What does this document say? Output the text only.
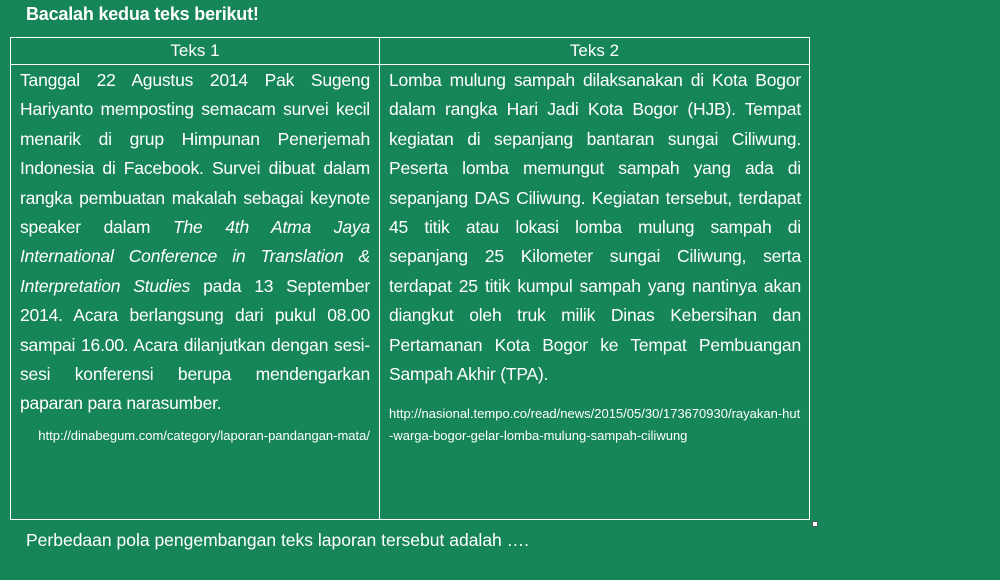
Bacalah kedua teks berikut!
Teks 1	Teks 2

Tanggal 22 Agustus 2014 Pak Sugeng Hariyanto memposting semacam survei kecil menarik di grup Himpunan Penerjemah Indonesia di Facebook. Survei dibuat dalam rangka pembuatan makalah sebagai keynote speaker dalam The 4th Atma Jaya International Conference in Translation & Interpretation Studies pada 13 September 2014. Acara berlangsung dari pukul 08.00 sampai 16.00. Acara dilanjutkan dengan sesi-sesi konferensi berupa mendengarkan paparan para narasumber.

http://dinabegum.com/category/laporan-pandangan-mata/

Lomba mulung sampah dilaksanakan di Kota Bogor dalam rangka Hari Jadi Kota Bogor (HJB). Tempat kegiatan di sepanjang bantaran sungai Ciliwung. Peserta lomba memungut sampah yang ada di sepanjang DAS Ciliwung. Kegiatan tersebut, terdapat 45 titik atau lokasi lomba mulung sampah di sepanjang 25 Kilometer sungai Ciliwung, serta terdapat 25 titik kumpul sampah yang nantinya akan diangkut oleh truk milik Dinas Kebersihan dan Pertamanan Kota Bogor ke Tempat Pembuangan Sampah Akhir (TPA).

http://nasional.tempo.co/read/news/2015/05/30/173670930/rayakan-hut-warga-bogor-gelar-lomba-mulung-sampah-ciliwung
Perbedaan pola pengembangan teks laporan tersebut adalah ….
